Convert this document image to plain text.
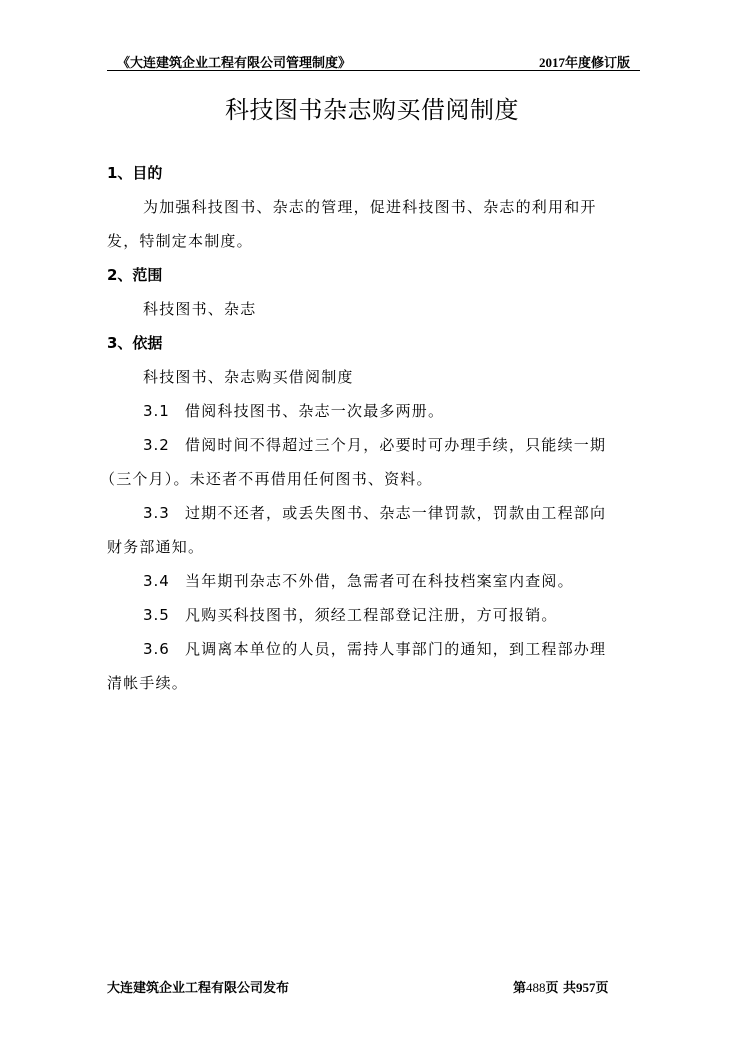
《大连建筑企业工程有限公司管理制度》	2017年度修订版
科技图书杂志购买借阅制度
1、目的
为加强科技图书、杂志的管理，促进科技图书、杂志的利用和开
发，特制定本制度。
2、范围
科技图书、杂志
3、依据
科技图书、杂志购买借阅制度
3.1 借阅科技图书、杂志一次最多两册。
3.2 借阅时间不得超过三个月，必要时可办理手续，只能续一期
（三个月）。未还者不再借用任何图书、资料。
3.3 过期不还者，或丢失图书、杂志一律罚款，罚款由工程部向
财务部通知。
3.4 当年期刊杂志不外借，急需者可在科技档案室内查阅。
3.5 凡购买科技图书，须经工程部登记注册，方可报销。
3.6 凡调离本单位的人员，需持人事部门的通知，到工程部办理
清帐手续。
大连建筑企业工程有限公司发布	第488页 共957页
